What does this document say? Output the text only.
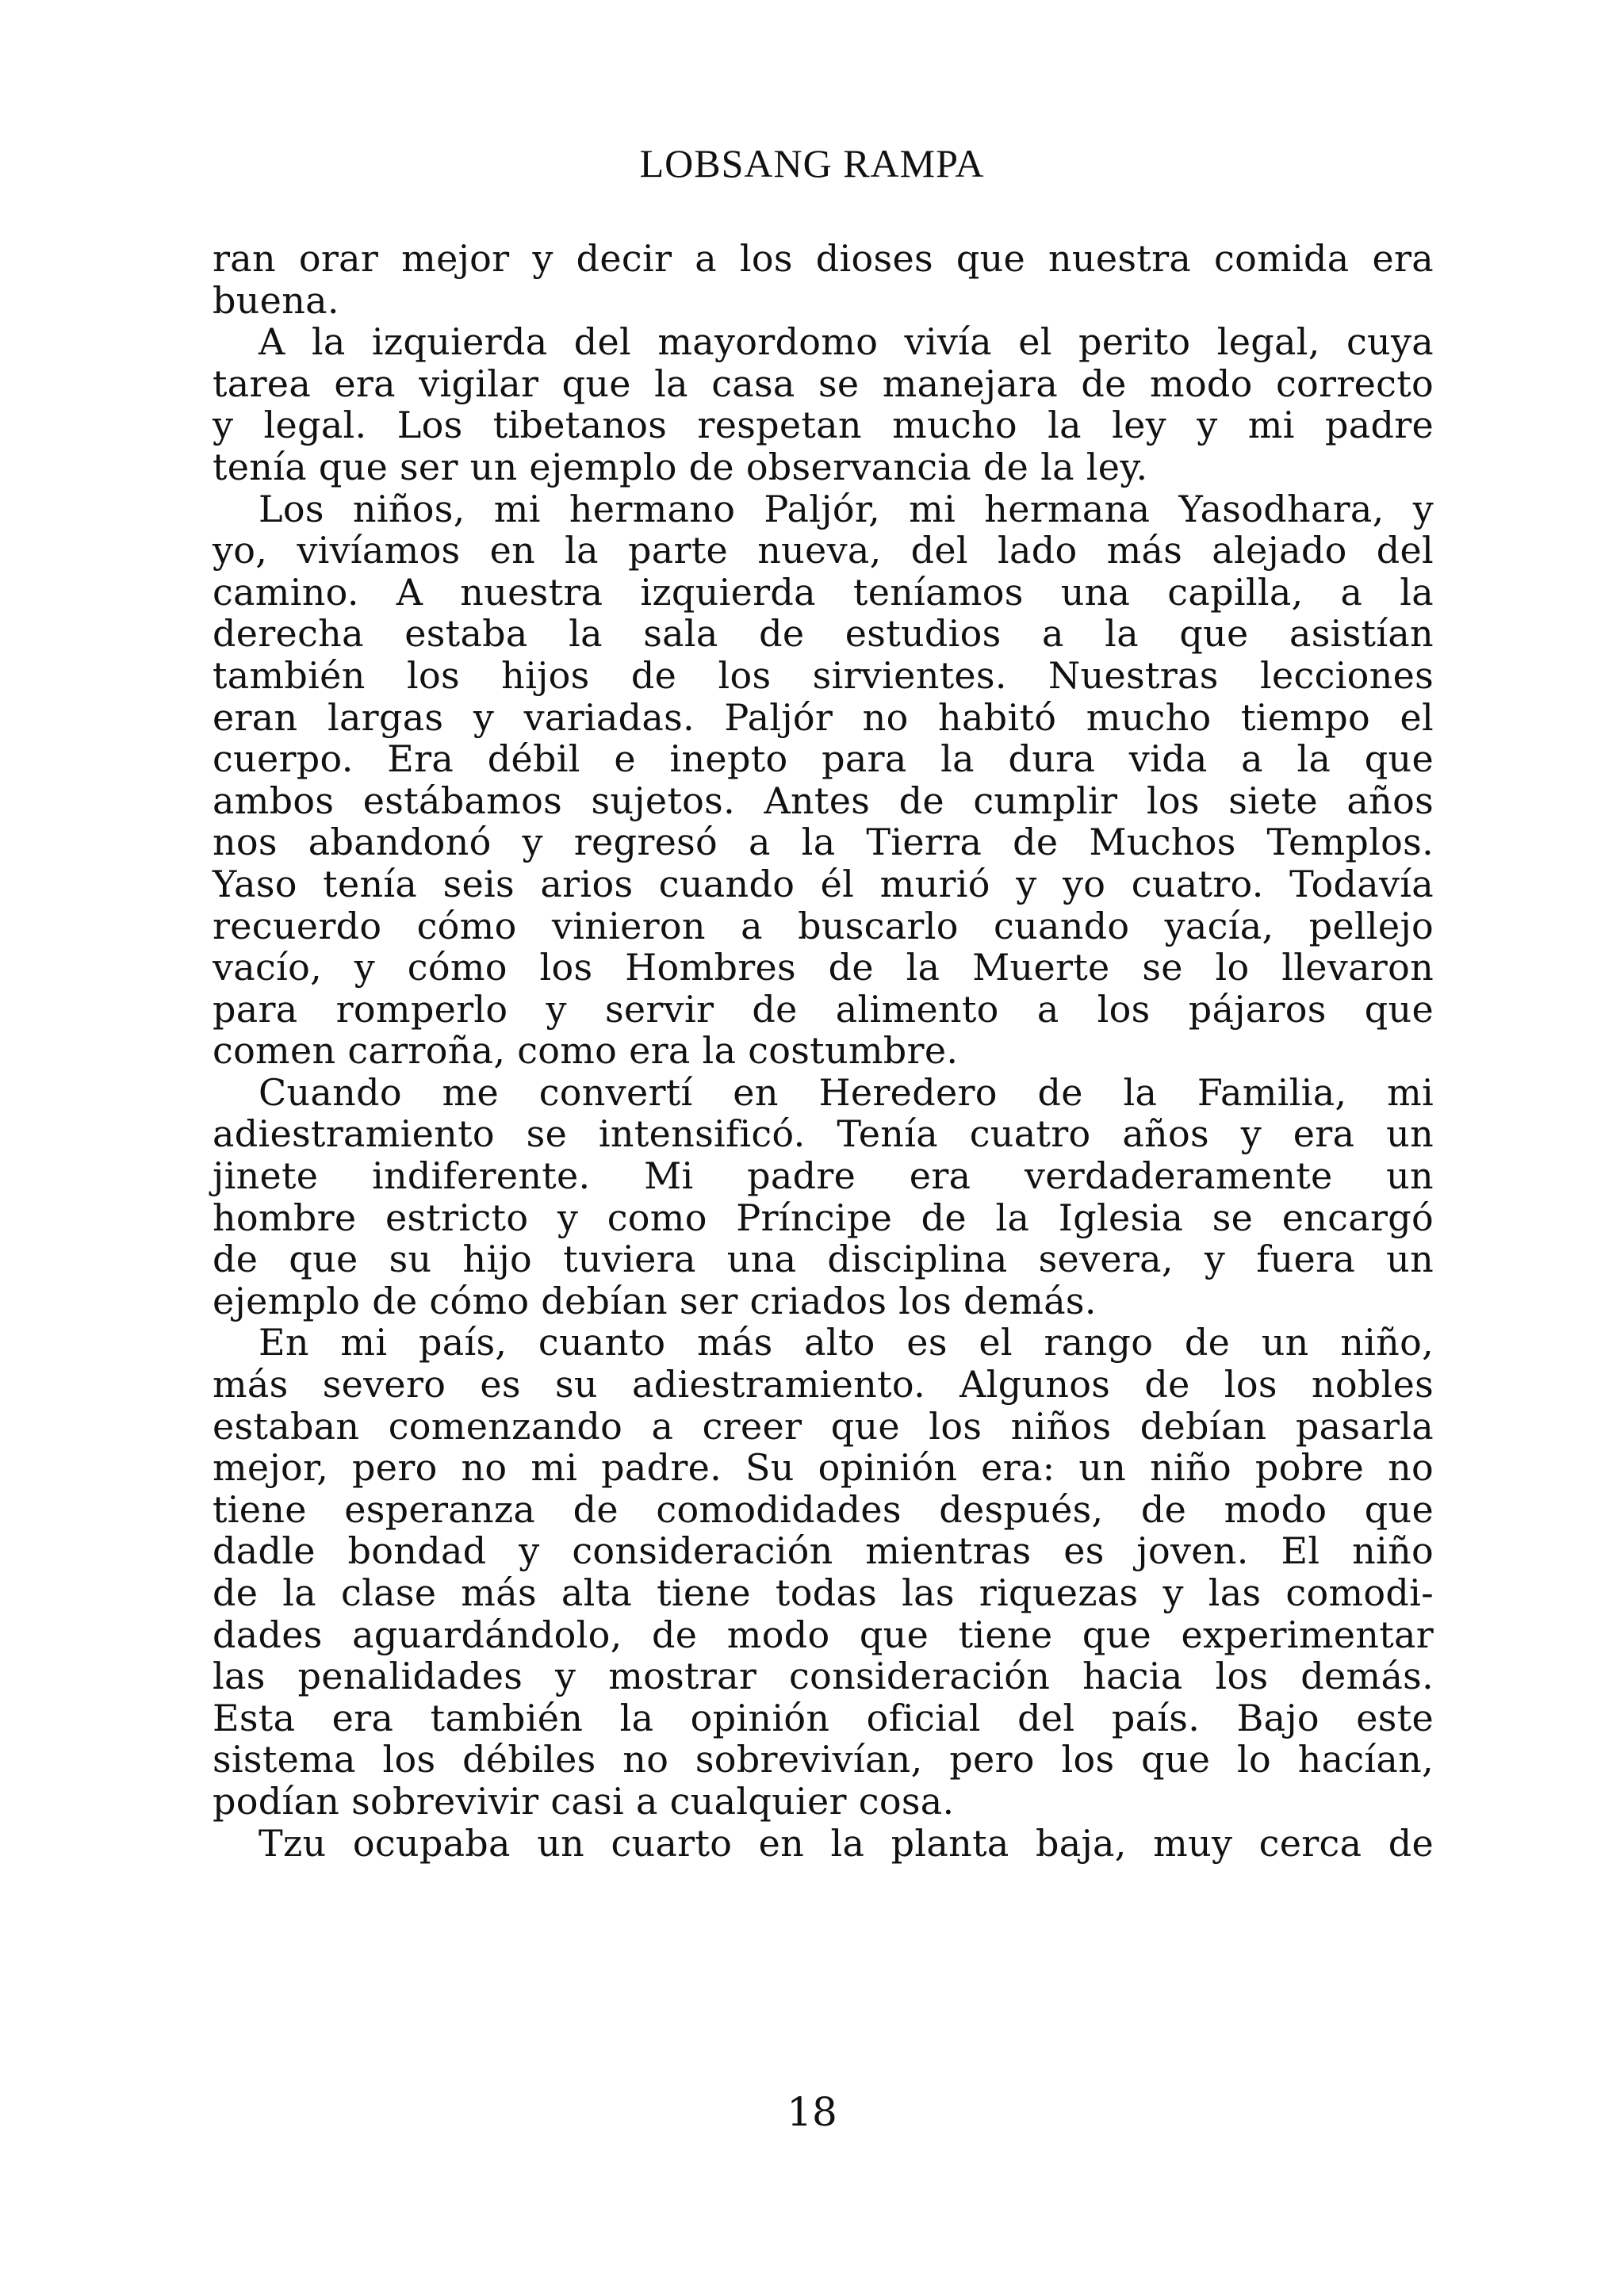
LOBSANG RAMPA
ran orar mejor y decir a los dioses que nuestra comida era
buena.
A la izquierda del mayordomo vivía el perito legal, cuya
tarea era vigilar que la casa se manejara de modo correcto
y legal. Los tibetanos respetan mucho la ley y mi padre
tenía que ser un ejemplo de observancia de la ley.
Los niños, mi hermano Paljór, mi hermana Yasodhara, y
yo, vivíamos en la parte nueva, del lado más alejado del
camino. A nuestra izquierda teníamos una capilla, a la
derecha estaba la sala de estudios a la que asistían
también los hijos de los sirvientes. Nuestras lecciones
eran largas y variadas. Paljór no habitó mucho tiempo el
cuerpo. Era débil e inepto para la dura vida a la que
ambos estábamos sujetos. Antes de cumplir los siete años
nos abandonó y regresó a la Tierra de Muchos Templos.
Yaso tenía seis arios cuando él murió y yo cuatro. Todavía
recuerdo cómo vinieron a buscarlo cuando yacía, pellejo
vacío, y cómo los Hombres de la Muerte se lo llevaron
para romperlo y servir de alimento a los pájaros que
comen carroña, como era la costumbre.
Cuando me convertí en Heredero de la Familia, mi
adiestramiento se intensificó. Tenía cuatro años y era un
jinete indiferente. Mi padre era verdaderamente un
hombre estricto y como Príncipe de la Iglesia se encargó
de que su hijo tuviera una disciplina severa, y fuera un
ejemplo de cómo debían ser criados los demás.
En mi país, cuanto más alto es el rango de un niño,
más severo es su adiestramiento. Algunos de los nobles
estaban comenzando a creer que los niños debían pasarla
mejor, pero no mi padre. Su opinión era: un niño pobre no
tiene esperanza de comodidades después, de modo que
dadle bondad y consideración mientras es joven. El niño
de la clase más alta tiene todas las riquezas y las comodi-
dades aguardándolo, de modo que tiene que experimentar
las penalidades y mostrar consideración hacia los demás.
Esta era también la opinión oficial del país. Bajo este
sistema los débiles no sobrevivían, pero los que lo hacían,
podían sobrevivir casi a cualquier cosa.
Tzu ocupaba un cuarto en la planta baja, muy cerca de
18
